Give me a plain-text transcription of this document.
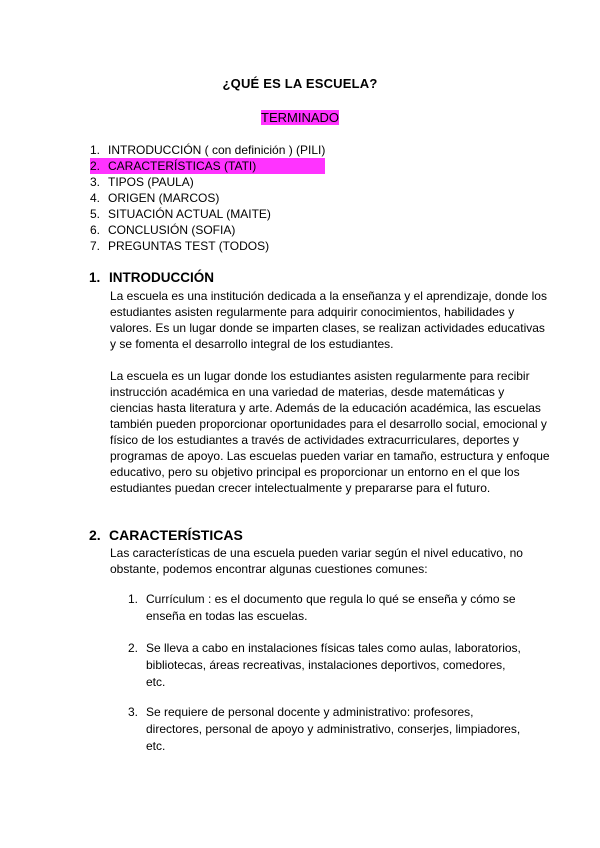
¿QUÉ ES LA ESCUELA?
TERMINADO
1. INTRODUCCIÓN ( con definición ) (PILI)
2. CARACTERÍSTICAS (TATI)
3. TIPOS (PAULA)
4. ORIGEN (MARCOS)
5. SITUACIÓN ACTUAL (MAITE)
6. CONCLUSIÓN (SOFIA)
7. PREGUNTAS TEST (TODOS)
1. INTRODUCCIÓN

La escuela es una institución dedicada a la enseñanza y el aprendizaje, donde los estudiantes asisten regularmente para adquirir conocimientos, habilidades y valores. Es un lugar donde se imparten clases, se realizan actividades educativas y se fomenta el desarrollo integral de los estudiantes.

La escuela es un lugar donde los estudiantes asisten regularmente para recibir instrucción académica en una variedad de materias, desde matemáticas y ciencias hasta literatura y arte. Además de la educación académica, las escuelas también pueden proporcionar oportunidades para el desarrollo social, emocional y físico de los estudiantes a través de actividades extracurriculares, deportes y programas de apoyo. Las escuelas pueden variar en tamaño, estructura y enfoque educativo, pero su objetivo principal es proporcionar un entorno en el que los estudiantes puedan crecer intelectualmente y prepararse para el futuro.

2. CARACTERÍSTICAS

Las características de una escuela pueden variar según el nivel educativo, no obstante, podemos encontrar algunas cuestiones comunes:

1. Currículum : es el documento que regula lo qué se enseña y cómo se enseña en todas las escuelas.
2. Se lleva a cabo en instalaciones físicas tales como aulas, laboratorios, bibliotecas, áreas recreativas, instalaciones deportivos, comedores, etc.
3. Se requiere de personal docente y administrativo: profesores, directores, personal de apoyo y administrativo, conserjes, limpiadores, etc.
